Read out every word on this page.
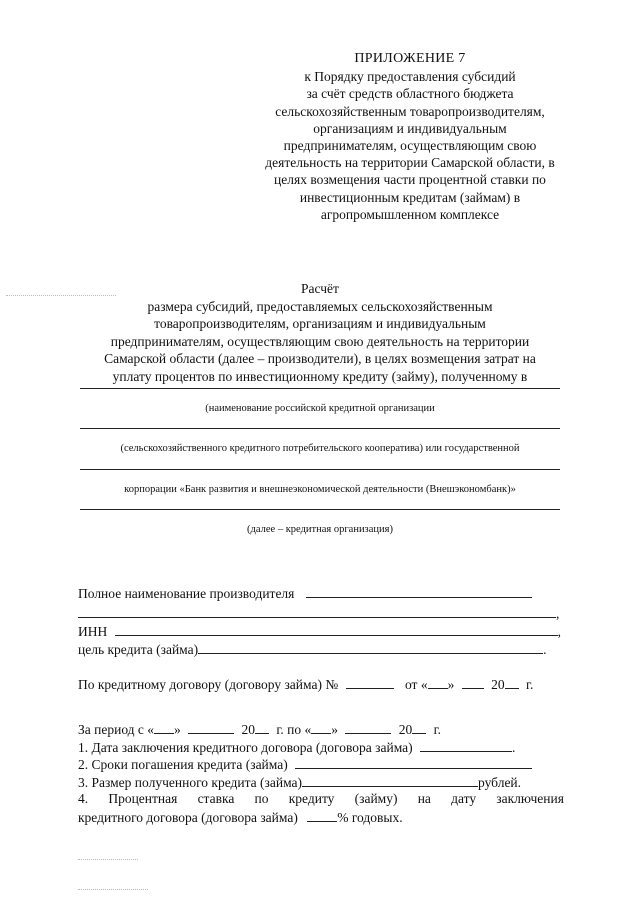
ПРИЛОЖЕНИЕ 7
к Порядку предоставления субсидий
за счёт средств областного бюджета
сельскохозяйственным товаропроизводителям,
организациям и индивидуальным
предпринимателям, осуществляющим свою
деятельность на территории Самарской области, в
целях возмещения части процентной ставки по
инвестиционным кредитам (займам) в
агропромышленном комплексе
Расчёт
размера субсидий, предоставляемых сельскохозяйственным
товаропроизводителям, организациям и индивидуальным
предпринимателям, осуществляющим свою деятельность на территории
Самарской области (далее – производители), в целях возмещения затрат на
уплату процентов по инвестиционному кредиту (займу), полученному в
(наименование российской кредитной организации
(сельскохозяйственного кредитного потребительского кооператива) или государственной
корпорации «Банк развития и внешнеэкономической деятельности (Внешэкономбанк)»
(далее – кредитная организация)
Полное наименование производителя
,
ИНН	,
цель кредита (займа)	.
По кредитному договору (договору займа) №	от « »	20 г.
За период с « »	20 г. по « »	20 г.
1. Дата заключения кредитного договора (договора займа)	.
2. Сроки погашения кредита (займа)
3. Размер полученного кредита (займа)	рублей.
4. Процентная ставка по кредиту (займу) на дату заключения
кредитного договора (договора займа)	% годовых.
